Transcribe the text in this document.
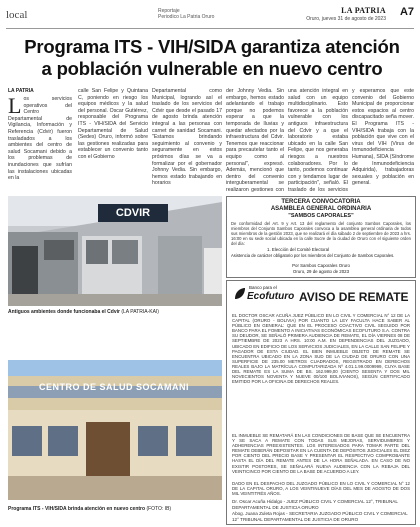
local	Reportaje
Periodico La Patria Oruro
LA PATRIA
Oruro, jueves 31 de agosto de 2023
A7
Programa ITS - VIH/SIDA garantiza atención
a población vulnerable en nuevo centro
LA PATRIA
Los servicios operativos del Centro Departamental de Vigilancia, Información y Referencia (Cdvir) fueron trasladados a los ambientes del centro de salud Socamani debido a los problemas de inundaciones que sufrían las instalaciones ubicadas en la
calle San Felipe y Quintana C, poniendo en riesgo los equipos médicos y la salud del personal. Oscar Gutiérrez, responsable del Programa ITS - VIH/SIDA del Servicio Departamental de Salud (Sedes) Oruro, informó sobre las gestiones realizadas para establecer un convenio tanto con el Gobierno
Departamental como Municipal, logrando así el traslado de los servicios del Cdvir que desde el pasado 17 de agosto brinda atención integral a las personas con carnet de sanidad Socamani. "Estamos brindando seguimiento al convenio y seguramente en estos próximos días se va a formalizar por el gobernador Johnny Vedia. Sin embargo, hemos estado trabajando en horarios
der Johnny Vedia. Sin embargo, hemos estado adelantando el trabajo porque no podemos esperar a que la temporada de lluvias y quedar afectados por la infraestructura del Cdvir. Tenemos que reaccionar para precautelar tanto el equipo como al personal", expresó. Además, mencionó que dentro del convenio interguberamental se realizaron gestiones con
una atención integral en salud con un equipo multidisciplinario. Esto favorece a la población vulnerable con los antiguos infraestructura del Cdvir y a que el laboratorio estaba ubicado en la calle San Felipe, que nos generaba riesgos a nuestros colaboradores. Por lo tanto, podemos continuar con y tendamos lugar de participación", señaló. El traslado de los servicios
y esperamos que este convenio del Gobierno Municipal de proporcionar estos espacios al centro discapacitado seña mover. El Programa ITS - VIH/SIDA trabaja con la población que vive con el virus del VIH (Virus de Inmunodeficiencia Humana), SIDA (Síndrome de Inmunodeficiencia Adquirida), trabajadoras sexuales y población en general.
CDVIR
Antiguos ambientes donde funcionaba el Cdvir (LA PATRIA-KAI)
CENTRO DE SALUD SOCAMANI
Programa ITS - VIH/SIDA brinda atención en nuevo centro (FOTO: IB)
TERCERA CONVOCATORIA
ASAMBLEA GENERAL ORDINARIA
"SAMBOS CAPORALES"
De conformidad del Art. 9 y Art. 13 del reglamento del conjunto Sambos Caporales, los miembros del Conjunto Sambos Caporales convoca a la asamblea general ordinaria de todos sus miembros de la gestión 2023, que se realizará el día sábado 2 de septiembre de 2023 a hrs. 16:00 en su sede social ubicada en la calle Sucre de la ciudad de Oruro con el siguiente orden del día:
1. Elección del Comité Electoral
Asistencia de carácter obligatorio por los miembros del Conjunto de Sambos Caporales.
Por Sambos Caporales Oruro
Oruro, 29 de agosto de 2023
Banco para el
Ecofuturo AVISO DE REMATE
EL DOCTOR OSCAR ACUÑA JUEZ PÚBLICO EN LO CIVIL Y COMERCIAL N° 12 DE LA CAPITAL (ORURO - BOLIVIA) POR CUANTO LA LEY FACULTA HACE SABER AL PÚBLICO EN GENERAL: QUE EN EL PROCESO COACTIVO CIVIL SEGUIDO POR BANCO PARA EL FOMENTO A INICIATIVAS ECONÓMICAS ECOFUTURO S.A. CONTRA SU DEUDOR, SE SEÑALÓ PRIMERA AUDIENCIA DE REMATE, EL DÍA VIERNES 08 DE SEPTIEMBRE DE 2023 A HRS. 10:00 A.M. EN DEPENDENCIAS DEL JUZGADO, UBICADO EN EDIFICIO DE LOS SERVICIOS JUDICIALES, EN LA CALLE SAN FELIPE Y PAGADOR DE ESTA CIUDAD. EL BIEN INMUEBLE OBJETO DE REMATE SE ENCUENTRA UBICADO EN LA ZONA SUD DE LA CIUDAD DE ORURO CON UNA SUPERFICIE DE 235.00 METROS CUADRADOS, REGISTRADO EN DERECHOS REALES BAJO LA MATRÍCULA COMPUTARIZADA Nº 4.01.1.99.0009999, CUYA BASE DEL REMATE ES LA SUMA DE BS. 162.999,00 (CIENTO SESENTA Y DOS MIL NOVECIENTOS NOVENTA Y NUEVE 00/100 BOLIVIANOS), SEGÚN CERTIFICADO EMITIDO POR LA OFICINA DE DERECHOS REALES.
EL INMUEBLE SE REMATARÁ EN LAS CONDICIONES DE BASE QUE SE ENCUENTRA Y SE SACA A REMATE CON TODAS SUS MEJORAS, SERVIDUMBRES Y ADHERENCIAS PREEXISTENTES. LOS INTERESADOS PARA TOMAR PARTE DEL REMATE DEBERÁN DEPOSITAR EN LA CUENTA DE DEPÓSITOS JUDICIALES EL DIEZ POR CIENTO DEL PRECIO BASE Y PRESENTAR EL RESPECTIVO COMPROBANTE HASTA EL DÍA DEL REMATE ANTES DE LA HORA SEÑALADA. EN CASO DE NO EXISTIR POSTORES, SE SEÑALARÁ NUEVA AUDIENCIA CON LA REBAJA DEL VEINTICINCO POR CIENTO DE LA BASE DE ACUERDO A LEY.
DADO EN EL DESPACHO DEL JUZGADO PÚBLICO EN LO CIVIL Y COMERCIAL N° 12 DE LA CAPITAL ORURO, A LOS VEINTINUEVE DÍAS DEL MES DE AGOSTO DE DOS MIL VEINTITRÉS AÑOS.
Dr. Oscar Acuña Hidalgo - JUEZ PÚBLICO CIVIL Y COMERCIAL 12°, TRIBUNAL DEPARTAMENTAL DE JUSTICIA ORURO
Abog. Juana Zuleta Rojas - SECRETARIA JUZGADO PÚBLICO CIVIL Y COMERCIAL 12° TRIBUNAL DEPARTAMENTAL DE JUSTICIA DE ORURO
